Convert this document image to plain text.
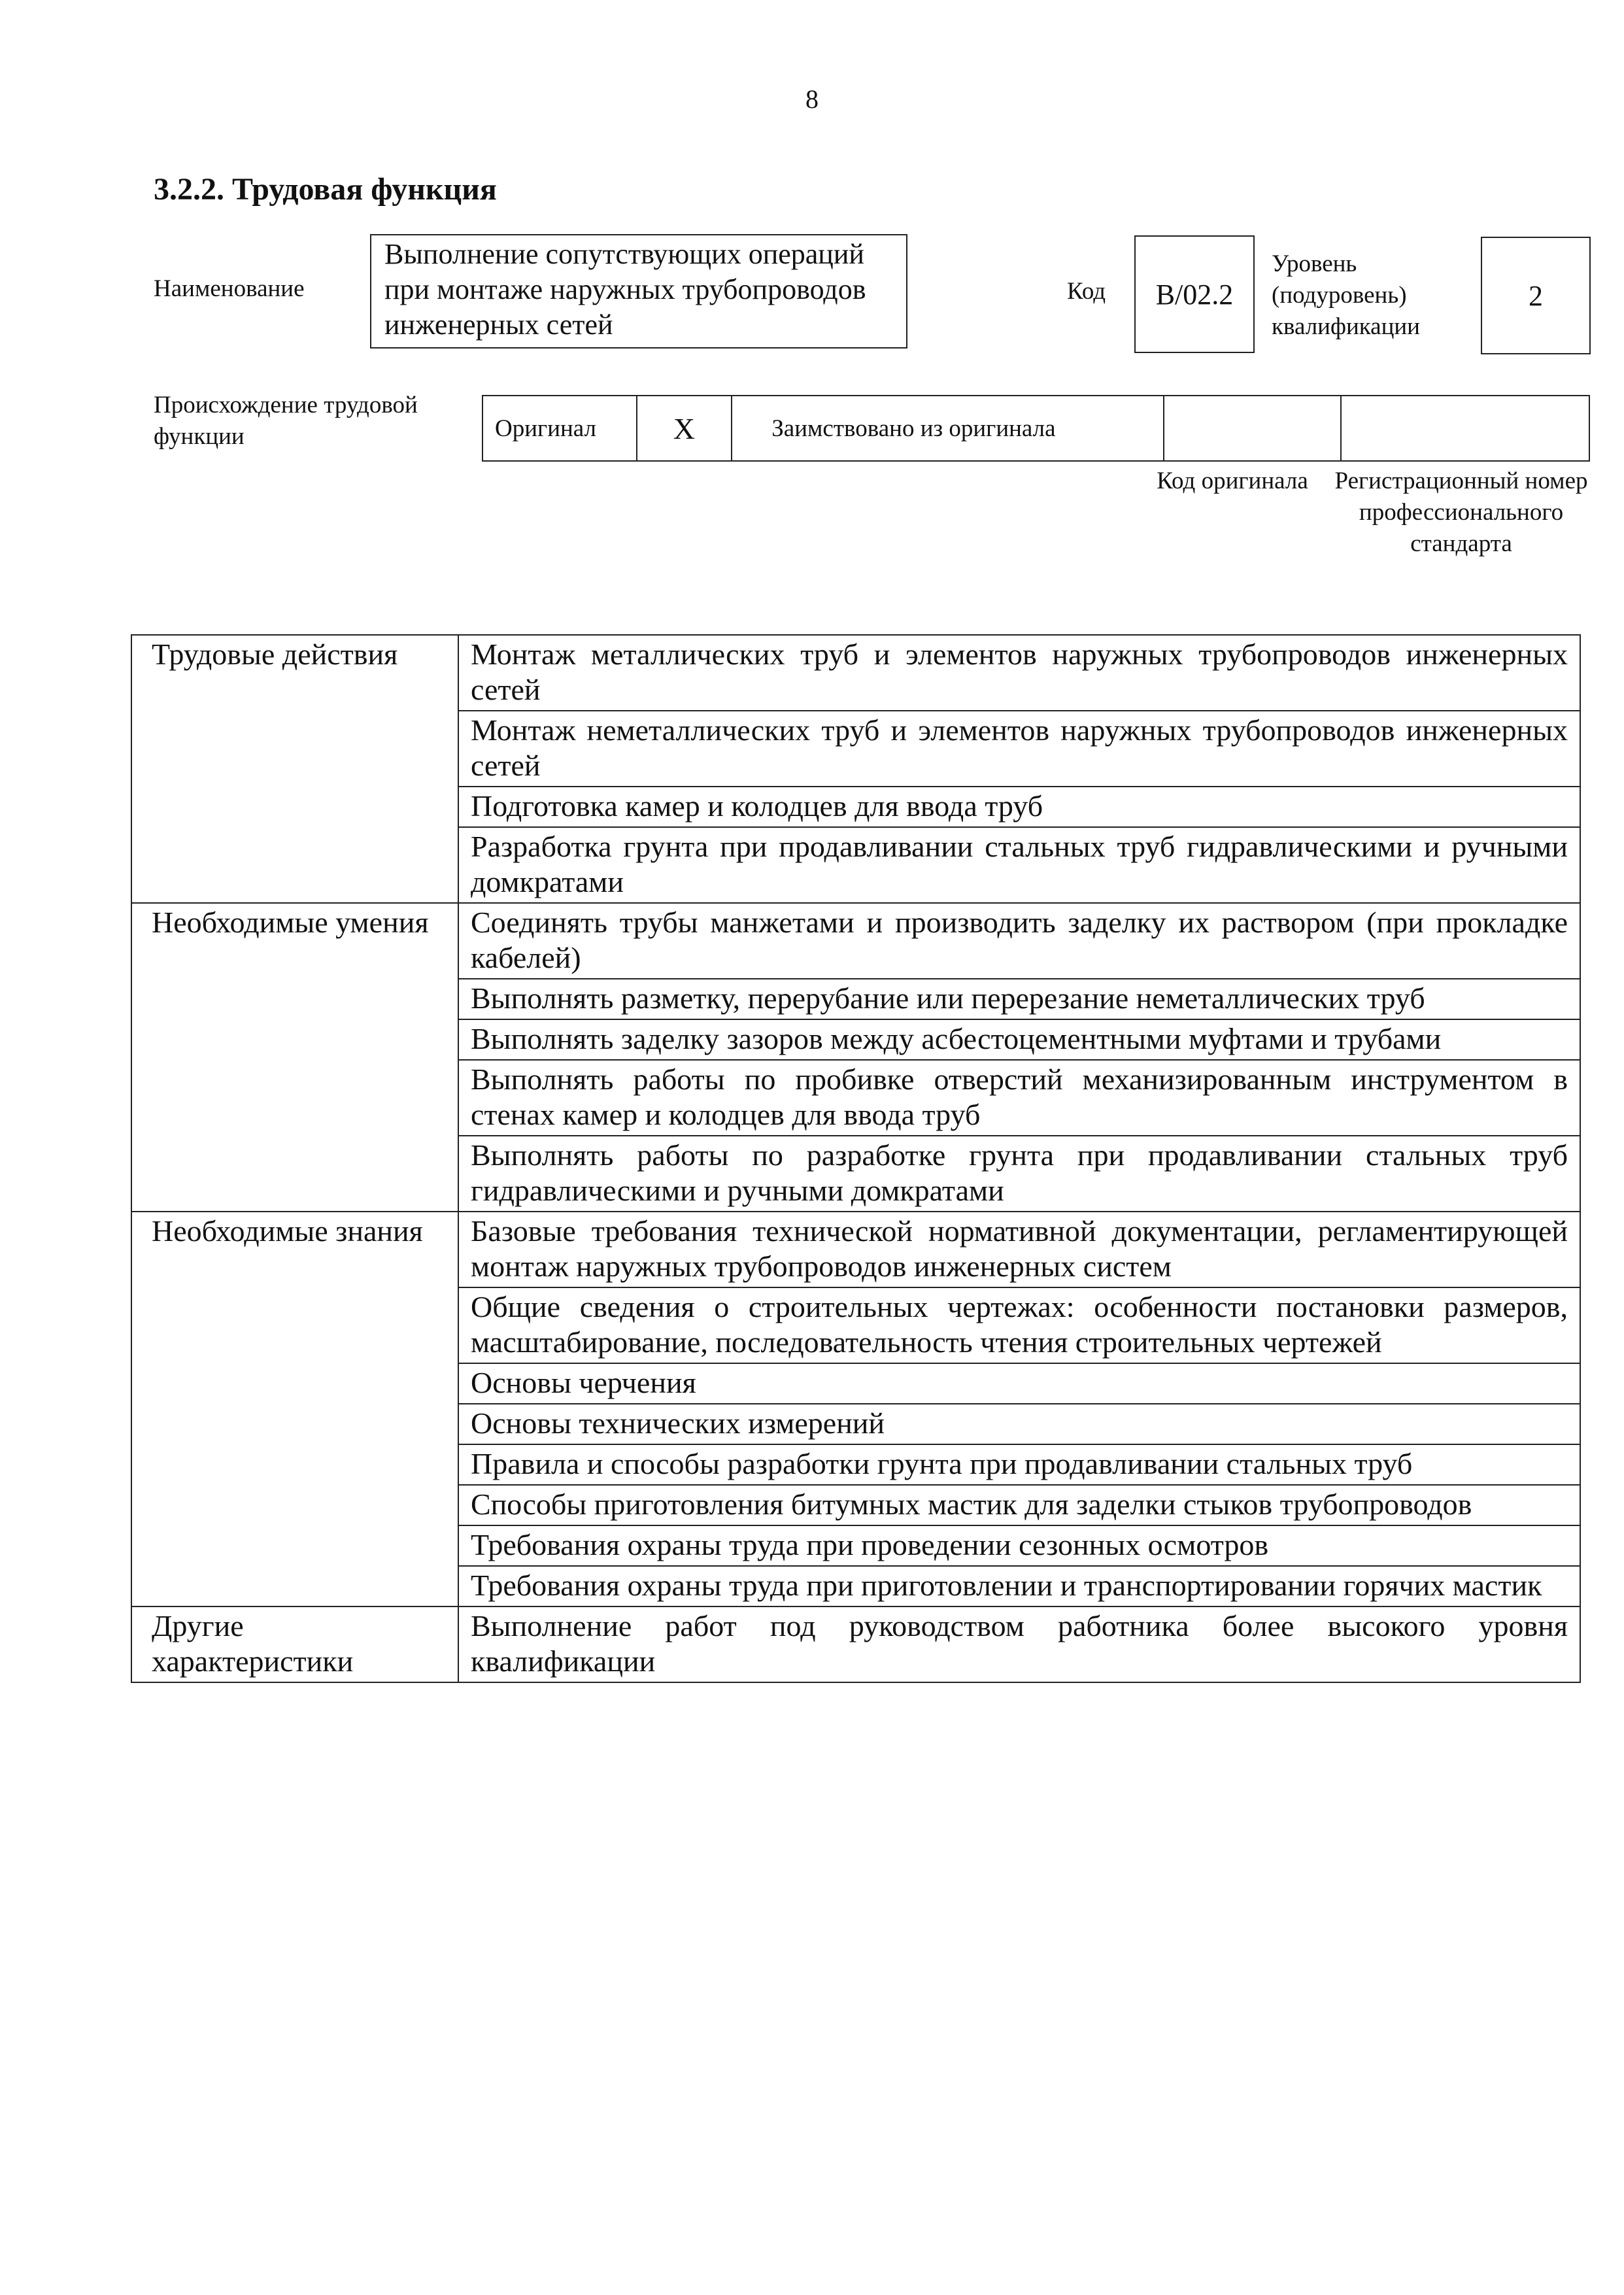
8
3.2.2. Трудовая функция
Наименование
Выполнение сопутствующих операций при монтаже наружных трубопроводов инженерных сетей
Код B/02.2
Уровень (подуровень) квалификации
2
Происхождение трудовой функции	Оригинал	X	Заимствовано из оригинала		
Код оригинала	Регистрационный номер профессионального стандарта
Трудовые действия	Монтаж металлических труб и элементов наружных трубопроводов инженерных сетей
	Монтаж неметаллических труб и элементов наружных трубопроводов инженерных сетей
	Подготовка камер и колодцев для ввода труб
	Разработка грунта при продавливании стальных труб гидравлическими и ручными домкратами
Необходимые умения	Соединять трубы манжетами и производить заделку их раствором (при прокладке кабелей)
	Выполнять разметку, перерубание или перерезание неметаллических труб
	Выполнять заделку зазоров между асбестоцементными муфтами и трубами
	Выполнять работы по пробивке отверстий механизированным инструментом в стенах камер и колодцев для ввода труб
	Выполнять работы по разработке грунта при продавливании стальных труб гидравлическими и ручными домкратами
Необходимые знания	Базовые требования технической нормативной документации, регламентирующей монтаж наружных трубопроводов инженерных систем
	Общие сведения о строительных чертежах: особенности постановки размеров, масштабирование, последовательность чтения строительных чертежей
	Основы черчения
	Основы технических измерений
	Правила и способы разработки грунта при продавливании стальных труб
	Способы приготовления битумных мастик для заделки стыков трубопроводов
	Требования охраны труда при проведении сезонных осмотров
	Требования охраны труда при приготовлении и транспортировании горячих мастик
Другие характеристики	Выполнение работ под руководством работника более высокого уровня квалификации
